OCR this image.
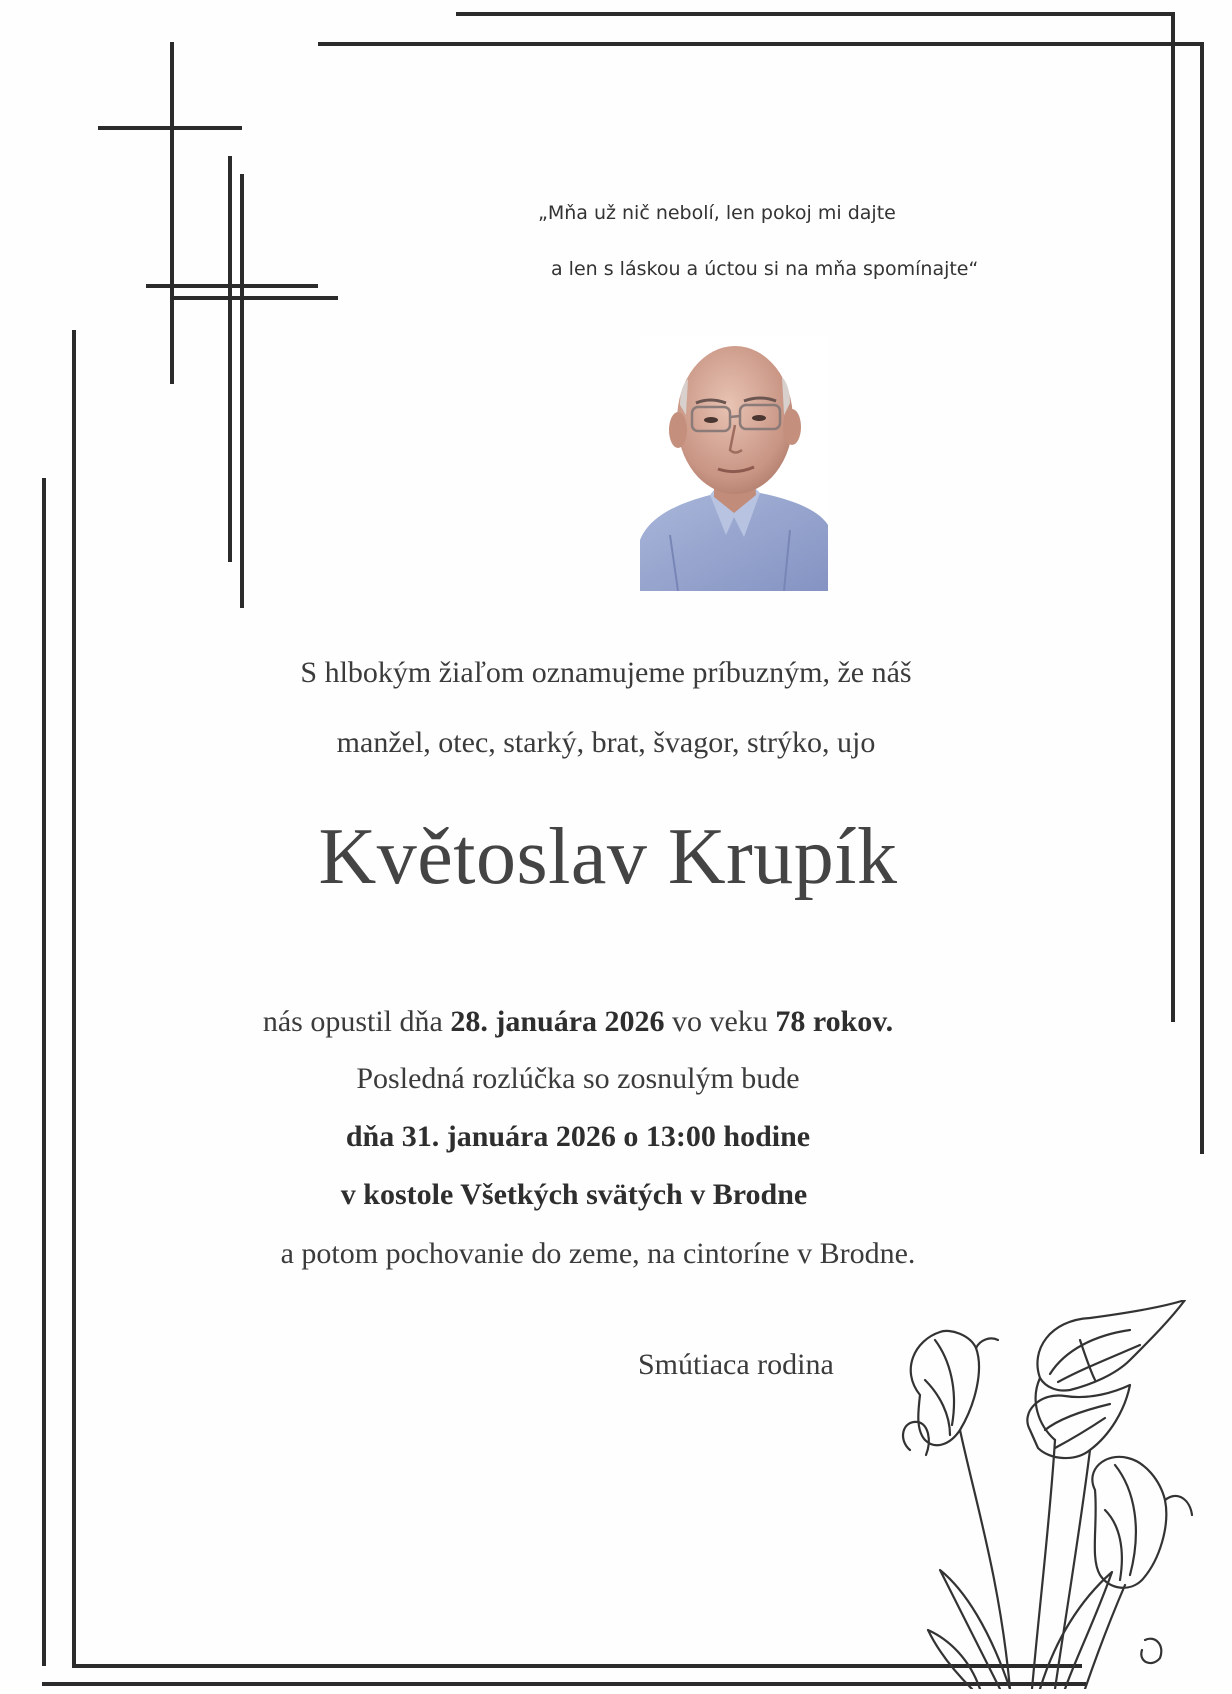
„Mňa už nič nebolí, len pokoj mi dajte
a len s láskou a úctou si na mňa spomínajte“
S hlbokým žiaľom oznamujeme príbuzným, že náš
manžel, otec, starký, brat, švagor, strýko, ujo
Květoslav Krupík
nás opustil dňa 28. januára 2026 vo veku 78 rokov.
Posledná rozlúčka so zosnulým bude
dňa 31. januára 2026 o 13:00 hodine
v kostole Všetkých svätých v Brodne
a potom pochovanie do zeme, na cintoríne v Brodne.
Smútiaca rodina
